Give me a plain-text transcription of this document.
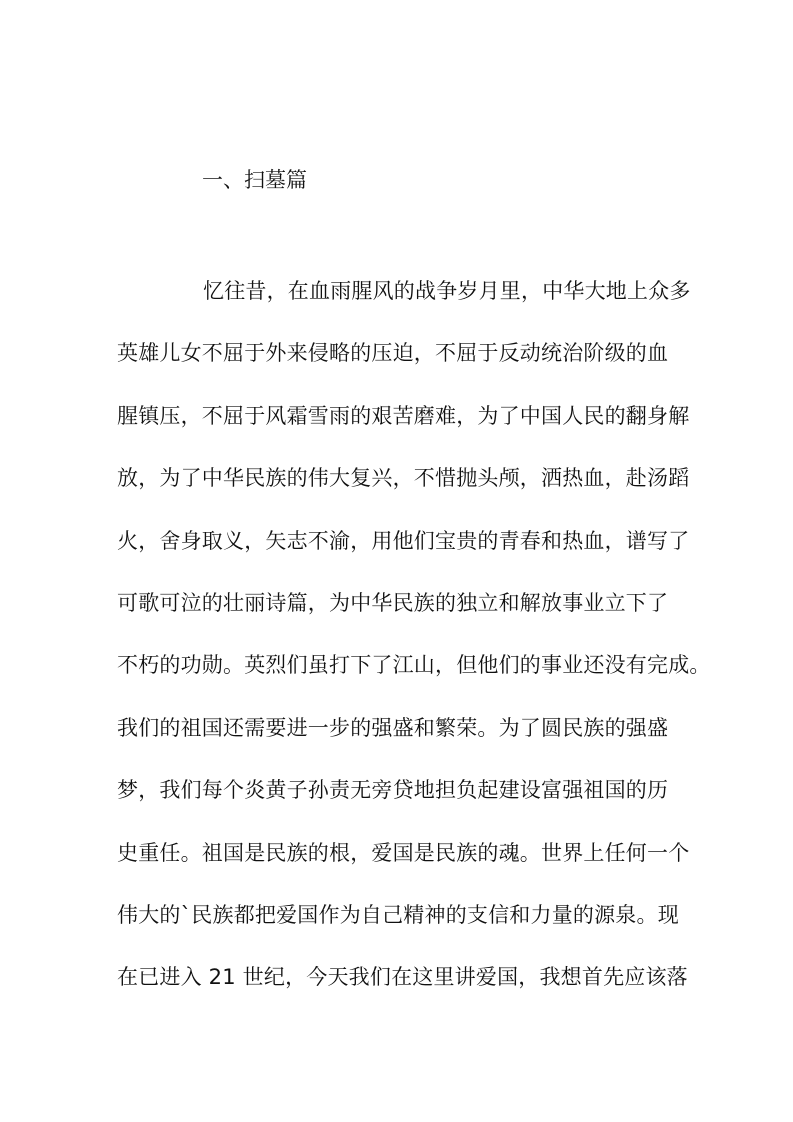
一、扫墓篇
忆往昔，在血雨腥风的战争岁月里，中华大地上众多
英雄儿女不屈于外来侵略的压迫，不屈于反动统治阶级的血
腥镇压，不屈于风霜雪雨的艰苦磨难，为了中国人民的翻身解
放，为了中华民族的伟大复兴，不惜抛头颅，洒热血，赴汤蹈
火，舍身取义，矢志不渝，用他们宝贵的青春和热血，谱写了
可歌可泣的壮丽诗篇，为中华民族的独立和解放事业立下了
不朽的功勋。英烈们虽打下了江山，但他们的事业还没有完成。
我们的祖国还需要进一步的强盛和繁荣。为了圆民族的强盛
梦，我们每个炎黄子孙责无旁贷地担负起建设富强祖国的历
史重任。祖国是民族的根，爱国是民族的魂。世界上任何一个
伟大的`民族都把爱国作为自己精神的支信和力量的源泉。现
在已进入 21 世纪，今天我们在这里讲爱国，我想首先应该落
